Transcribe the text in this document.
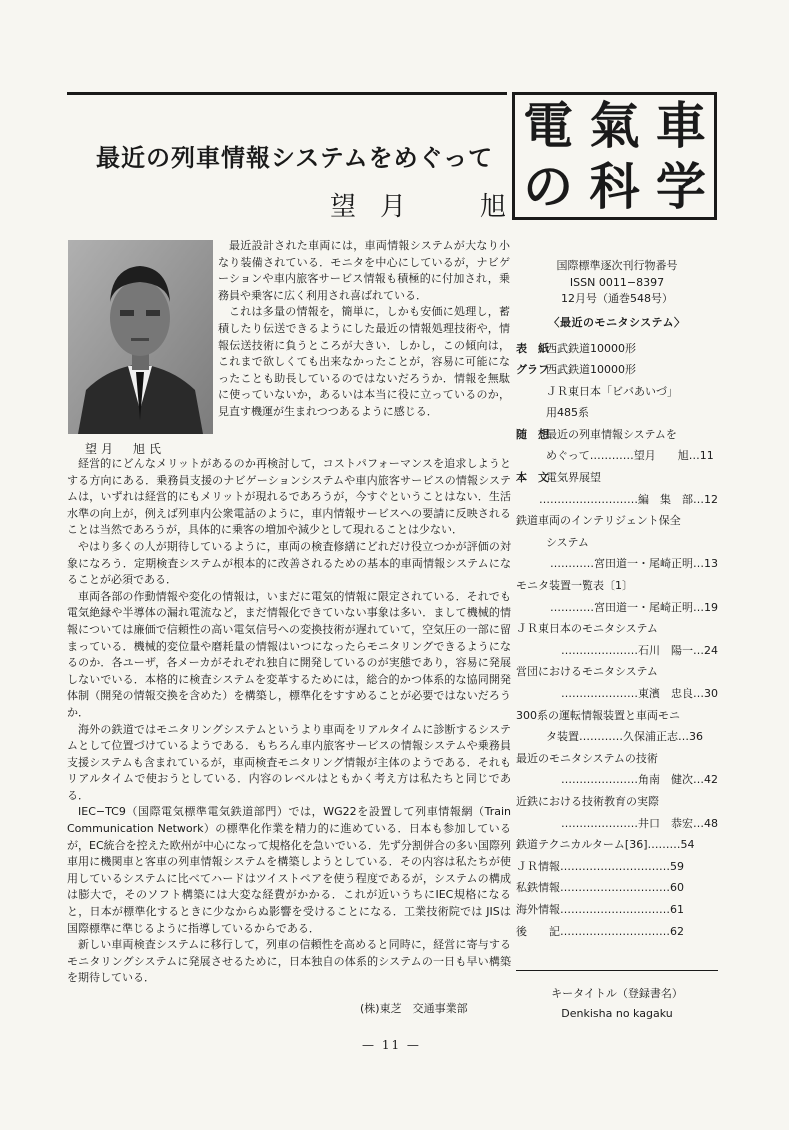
電 氣 車
の 科 学
最近の列車情報システムをめぐって
望月　旭
望月　旭氏

最近設計された車両には，車両情報システムが大なり小なり装備されている．モニタを中心にしているが，ナビゲーションや車内旅客サービス情報も積極的に付加され，乗務員や乗客に広く利用され喜ばれている．

これは多量の情報を，簡単に，しかも安価に処理し，蓄積したり伝送できるようにした最近の情報処理技術や，情報伝送技術に負うところが大きい．しかし，この傾向は，これまで欲しくても出来なかったことが，容易に可能になったことも助長しているのではないだろうか．情報を無駄に使っていないか，あるいは本当に役に立っているのか，見直す機運が生まれつつあるように感じる．

経営的にどんなメリットがあるのか再検討して，コストパフォーマンスを追求しようとする方向にある．乗務員支援のナビゲーションシステムや車内旅客サービスの情報システムは，いずれは経営的にもメリットが現れるであろうが，今すぐということはない．生活水準の向上が，例えば列車内公衆電話のように，車内情報サービスへの要請に反映されることは当然であろうが，具体的に乗客の増加や減少として現れることは少ない．

やはり多くの人が期待しているように，車両の検査修繕にどれだけ役立つかが評価の対象になろう．定期検査システムが根本的に改善されるための基本的車両情報システムになることが必須である．

車両各部の作動情報や変化の情報は，いまだに電気的情報に限定されている．それでも電気絶縁や半導体の漏れ電流など，まだ情報化できていない事象は多い．まして機械的情報については廉価で信頼性の高い電気信号への変換技術が遅れていて，空気圧の一部に留まっている．機械的変位量や磨耗量の情報はいつになったらモニタリングできるようになるのか．各ユーザ，各メーカがそれぞれ独自に開発しているのが実態であり，容易に発展しないでいる．本格的に検査システムを変革するためには，総合的かつ体系的な協同開発体制（開発の情報交換を含めた）を構築し，標準化をすすめることが必要ではないだろうか．

海外の鉄道ではモニタリングシステムというより車両をリアルタイムに診断するシステムとして位置づけているようである．もちろん車内旅客サービスの情報システムや乗務員支援システムも含まれているが，車両検査モニタリング情報が主体のようである．それもリアルタイムで使おうとしている．内容のレベルはともかく考え方は私たちと同じである．

IEC−TC9（国際電気標準電気鉄道部門）では，WG22を設置して列車情報網（Train Communication Network）の標準化作業を精力的に進めている．日本も参加しているが，EC統合を控えた欧州が中心になって規格化を急いでいる．先ず分割併合の多い国際列車用に機関車と客車の列車情報システムを構築しようとしている．その内容は私たちが使用しているシステムに比べてハードはツイストペアを使う程度であるが，システムの構成は膨大で，そのソフト構築には大変な経費がかかる．これが近いうちにIEC規格になると，日本が標準化するときに少なからぬ影響を受けることになる．工業技術院では JISは国際標準に準じるように指導しているからである．

新しい車両検査システムに移行して，列車の信頼性を高めると同時に，経営に寄与するモニタリングシステムに発展させるために，日本独自の体系的システムの一日も早い構築を期待している．

(株)東芝　交通事業部
国際標準逐次刊行物番号
ISSN 0011−8397
12月号（通巻548号）
〈最近のモニタシステム〉
表　紙西武鉄道10000形
グラフ西武鉄道10000形
ＪＲ東日本「ビバあいづ」
用485系
随　想最近の列車情報システムを
めぐって…………望月　　旭…11
本　文電気界展望
………………………編　集　部…12
鉄道車両のインテリジェント保全
システム
…………宮田道一・尾崎正明…13
モニタ装置一覧表〔1〕
…………宮田道一・尾崎正明…19
ＪＲ東日本のモニタシステム
…………………石川　陽一…24
営団におけるモニタシステム
…………………東濱　忠良…30
300系の運転情報装置と車両モニ
タ装置…………久保浦正志…36
最近のモニタシステムの技術
…………………角南　健次…42
近鉄における技術教育の実際
…………………井口　恭宏…48
鉄道テクニカルターム[36]………54
ＪＲ情報…………………………59
私鉄情報…………………………60
海外情報…………………………61
後　　記…………………………62
キータイトル（登録書名）
Denkisha no kagaku
— 11 —
